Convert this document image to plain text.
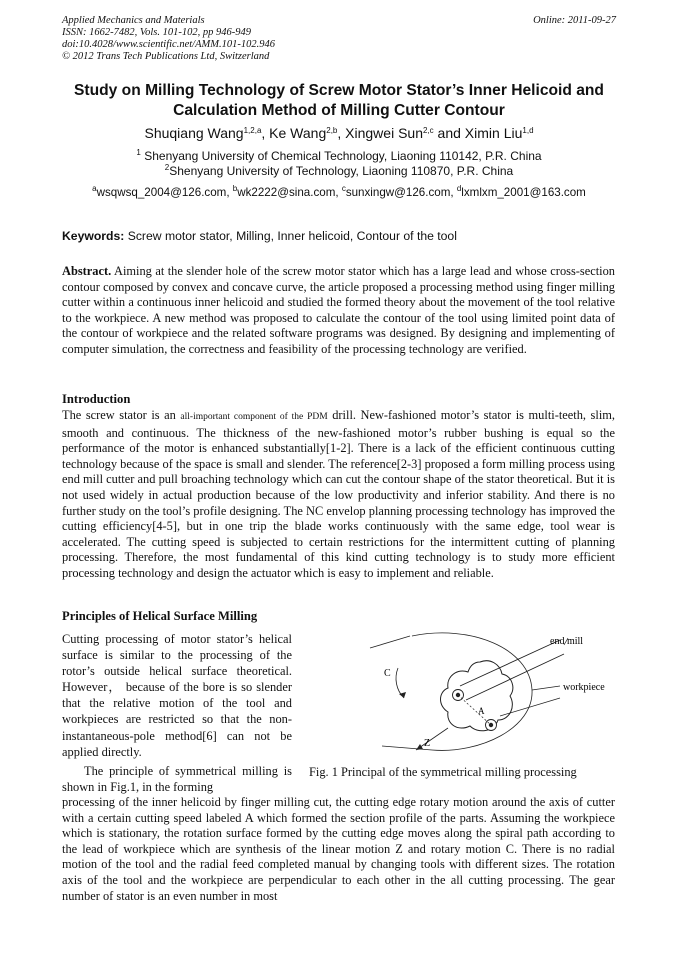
Applied Mechanics and Materials
ISSN: 1662-7482, Vols. 101-102, pp 946-949
doi:10.4028/www.scientific.net/AMM.101-102.946
© 2012 Trans Tech Publications Ltd, Switzerland
Online: 2011-09-27
Study on Milling Technology of Screw Motor Stator’s Inner Helicoid and
Calculation Method of Milling Cutter Contour
Shuqiang Wang$^{1,2,a}$, Ke Wang$^{2,b}$, Xingwei Sun$^{2,c}$ and Ximin Liu$^{1,d}$
$^1$ Shenyang University of Chemical Technology, Liaoning 110142, P.R. China
$^2$Shenyang University of Technology, Liaoning 110870, P.R. China
$^a$wsqwsq_2004@126.com, $^b$wk2222@sina.com, $^c$sunxingw@126.com, $^d$lxmlxm_2001@163.com
Keywords: Screw motor stator, Milling, Inner helicoid, Contour of the tool
Abstract. Aiming at the slender hole of the screw motor stator which has a large lead and whose cross-section contour composed by convex and concave curve, the article proposed a processing method using finger milling cutter within a continuous inner helicoid and studied the formed theory about the movement of the tool relative to the workpiece. A new method was proposed to calculate the contour of the tool using limited point data of the contour of workpiece and the related software programs was designed. By designing and implementing of computer simulation, the correctness and feasibility of the processing technology are verified.
Introduction
The screw stator is an all-important component of the PDM drill. New-fashioned motor’s stator is multi-teeth, slim, smooth and continuous. The thickness of the new-fashioned motor’s rubber bushing is equal so the performance of the motor is enhanced substantially[1-2]. There is a lack of the efficient continuous cutting technology because of the space is small and slender. The reference[2-3] proposed a form milling process using end mill cutter and pull broaching technology which can cut the contour shape of the stator theoretical. But it is not used widely in actual production because of the low productivity and inferior stability. And there is no further study on the tool’s profile designing. The NC envelop planning processing technology has improved the cutting efficiency[4-5], but in one trip the blade works continuously with the same edge, tool wear is accelerated. The cutting speed is subjected to certain restrictions for the intermittent cutting of planning processing. Therefore, the most fundamental of this kind cutting technology is to study more efficient processing technology and design the actuator which is easy to implement and reliable.
Principles of Helical Surface Milling
Cutting processing of motor stator’s helical surface is similar to the processing of the rotor’s outside helical surface theoretical. However， because of the bore is so slender that the relative motion of the tool and workpieces are restricted so that the non-instantaneous-pole method[6] can not be applied directly.
The principle of symmetrical milling is shown in Fig.1, in the forming
end mill
workpiece
C
Z
A
Fig. 1 Principal of the symmetrical milling processing
processing of the inner helicoid by finger milling cut, the cutting edge rotary motion around the axis of cutter with a certain cutting speed labeled A which formed the section profile of the parts. Assuming the workpiece which is stationary, the rotation surface formed by the cutting edge moves along the spiral path according to the lead of workpiece which are synthesis of the linear motion Z and rotary motion C. There is no radial motion of the tool and the radial feed completed manual by changing tools with different sizes. The rotation axis of the tool and the workpiece are perpendicular to each other in the all cutting processing. The gear number of stator is an even number in most
